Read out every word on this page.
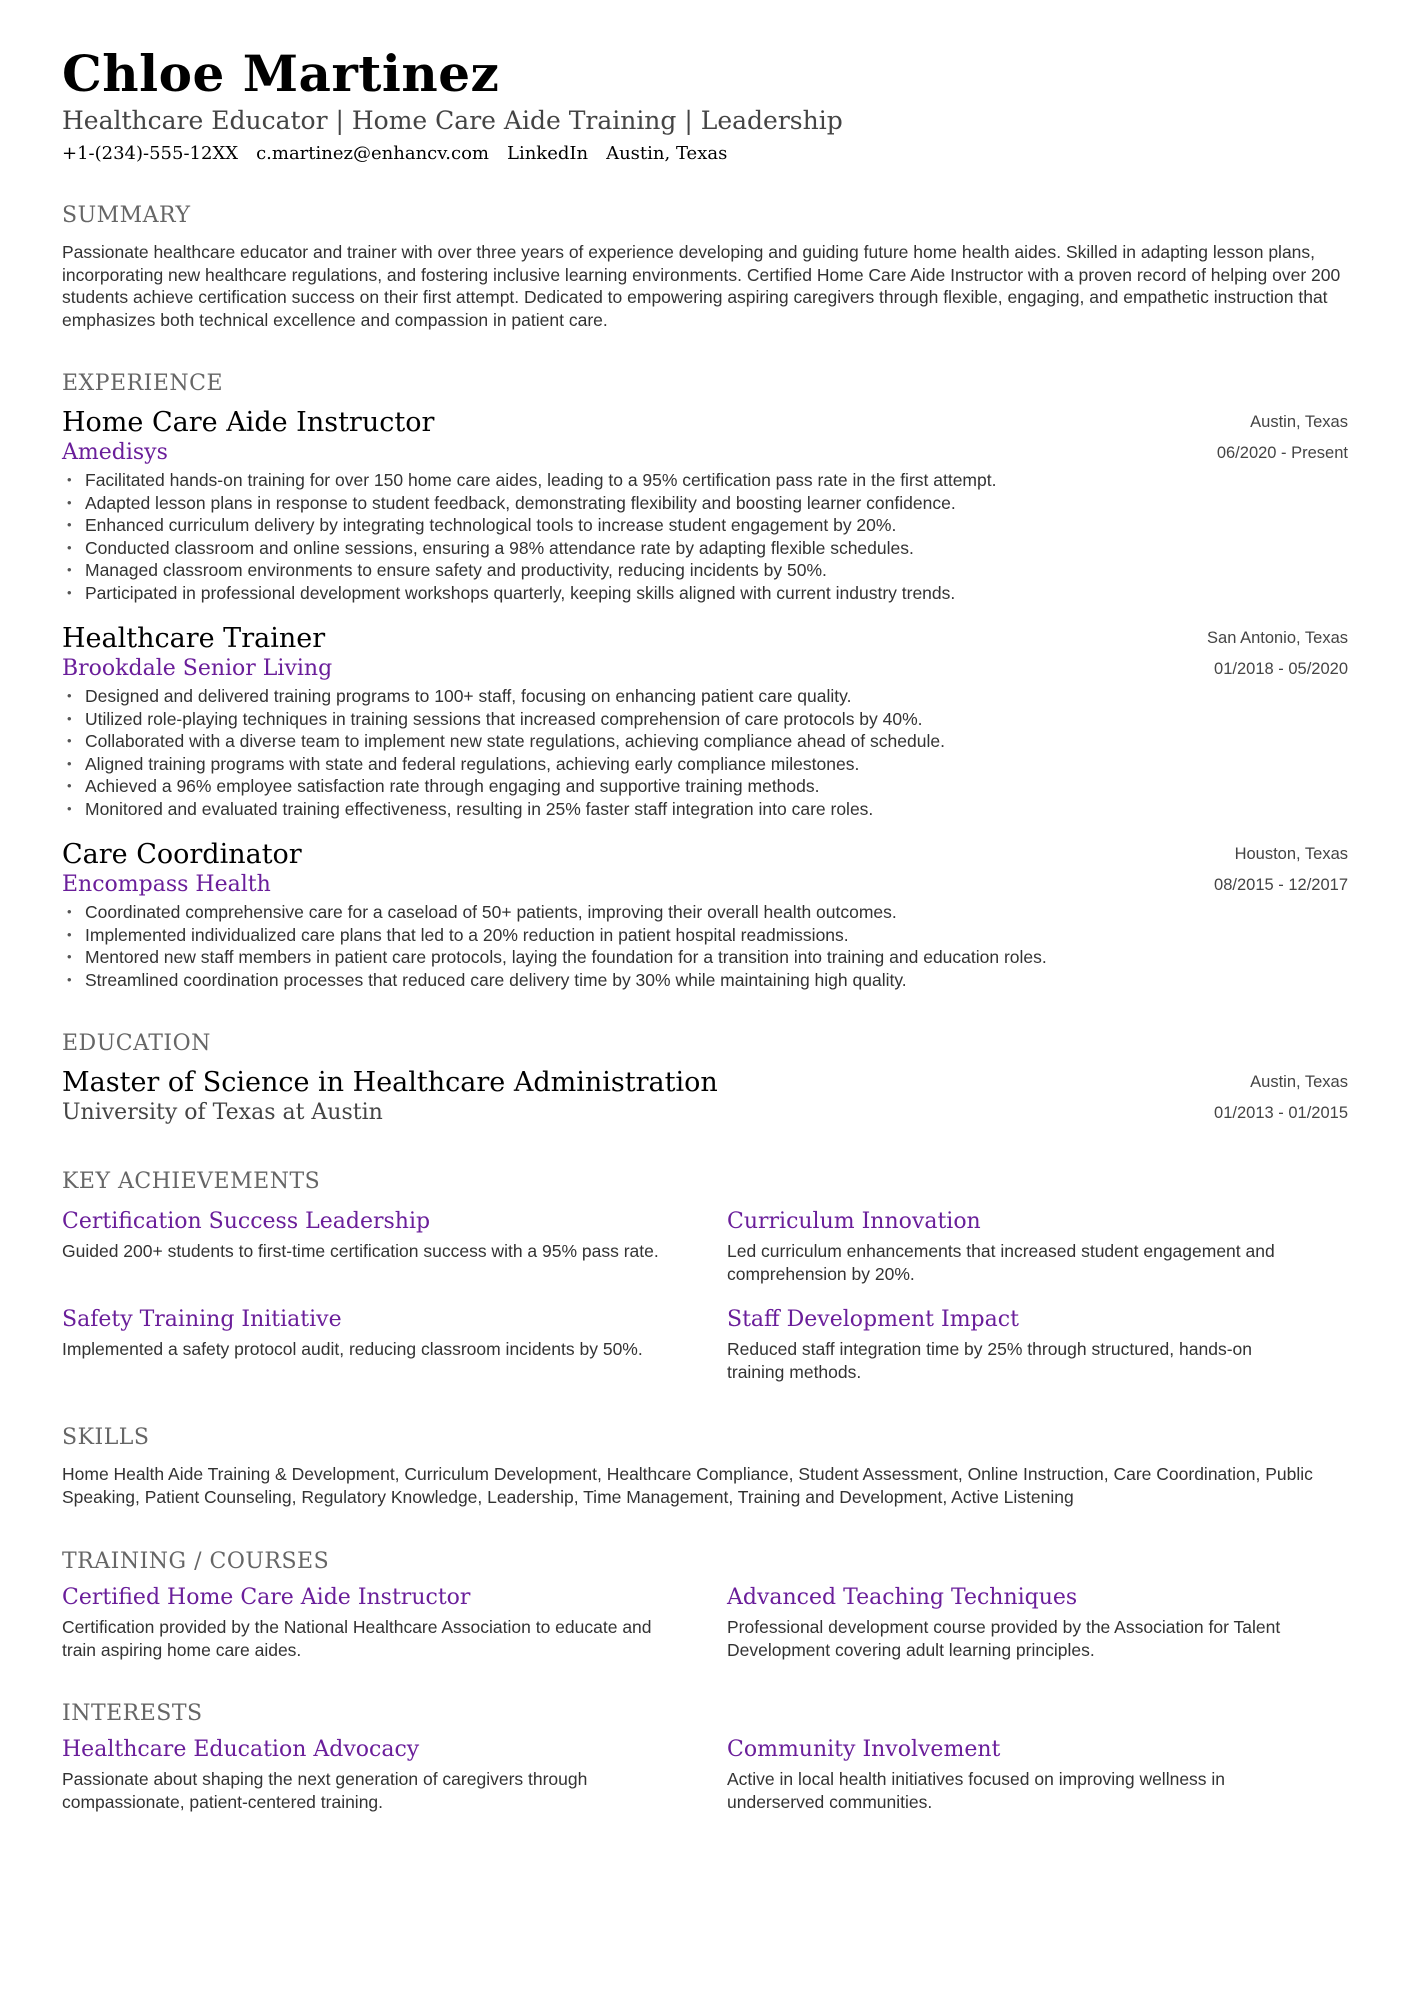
Chloe Martinez
Healthcare Educator | Home Care Aide Training | Leadership
+1-(234)-555-12XX c.martinez@enhancv.com LinkedIn Austin, Texas
SUMMARY
Passionate healthcare educator and trainer with over three years of experience developing and guiding future home health aides. Skilled in adapting lesson plans, incorporating new healthcare regulations, and fostering inclusive learning environments. Certified Home Care Aide Instructor with a proven record of helping over 200 students achieve certification success on their first attempt. Dedicated to empowering aspiring caregivers through flexible, engaging, and empathetic instruction that emphasizes both technical excellence and compassion in patient care.
EXPERIENCE
Home Care Aide Instructor
Amedisys
Austin, Texas
06/2020 - Present
• Facilitated hands-on training for over 150 home care aides, leading to a 95% certification pass rate in the first attempt.
• Adapted lesson plans in response to student feedback, demonstrating flexibility and boosting learner confidence.
• Enhanced curriculum delivery by integrating technological tools to increase student engagement by 20%.
• Conducted classroom and online sessions, ensuring a 98% attendance rate by adapting flexible schedules.
• Managed classroom environments to ensure safety and productivity, reducing incidents by 50%.
• Participated in professional development workshops quarterly, keeping skills aligned with current industry trends.
Healthcare Trainer
Brookdale Senior Living
San Antonio, Texas
01/2018 - 05/2020
• Designed and delivered training programs to 100+ staff, focusing on enhancing patient care quality.
• Utilized role-playing techniques in training sessions that increased comprehension of care protocols by 40%.
• Collaborated with a diverse team to implement new state regulations, achieving compliance ahead of schedule.
• Aligned training programs with state and federal regulations, achieving early compliance milestones.
• Achieved a 96% employee satisfaction rate through engaging and supportive training methods.
• Monitored and evaluated training effectiveness, resulting in 25% faster staff integration into care roles.
Care Coordinator
Encompass Health
Houston, Texas
08/2015 - 12/2017
• Coordinated comprehensive care for a caseload of 50+ patients, improving their overall health outcomes.
• Implemented individualized care plans that led to a 20% reduction in patient hospital readmissions.
• Mentored new staff members in patient care protocols, laying the foundation for a transition into training and education roles.
• Streamlined coordination processes that reduced care delivery time by 30% while maintaining high quality.
EDUCATION
Master of Science in Healthcare Administration
University of Texas at Austin
Austin, Texas
01/2013 - 01/2015
KEY ACHIEVEMENTS
Certification Success Leadership
Guided 200+ students to first-time certification success with a 95% pass rate.
Curriculum Innovation
Led curriculum enhancements that increased student engagement and comprehension by 20%.
Safety Training Initiative
Implemented a safety protocol audit, reducing classroom incidents by 50%.
Staff Development Impact
Reduced staff integration time by 25% through structured, hands-on training methods.
SKILLS
Home Health Aide Training & Development, Curriculum Development, Healthcare Compliance, Student Assessment, Online Instruction, Care Coordination, Public Speaking, Patient Counseling, Regulatory Knowledge, Leadership, Time Management, Training and Development, Active Listening
TRAINING / COURSES
Certified Home Care Aide Instructor
Certification provided by the National Healthcare Association to educate and train aspiring home care aides.
Advanced Teaching Techniques
Professional development course provided by the Association for Talent Development covering adult learning principles.
INTERESTS
Healthcare Education Advocacy
Passionate about shaping the next generation of caregivers through compassionate, patient-centered training.
Community Involvement
Active in local health initiatives focused on improving wellness in underserved communities.
